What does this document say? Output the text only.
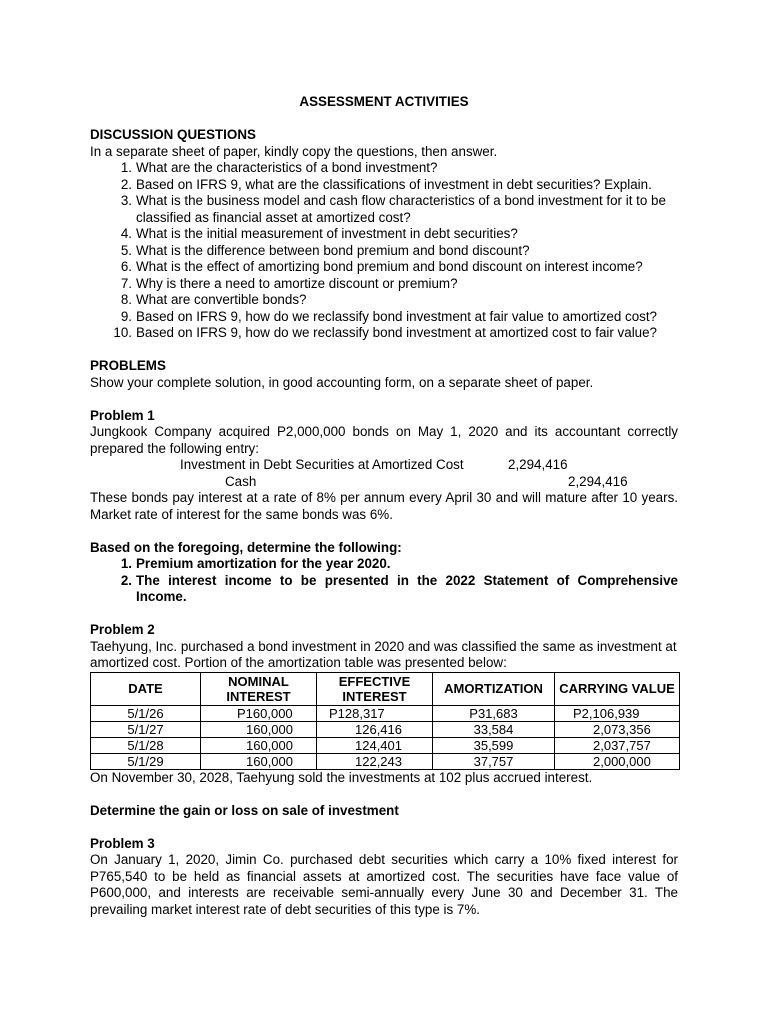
ASSESSMENT ACTIVITIES
DISCUSSION QUESTIONS
In a separate sheet of paper, kindly copy the questions, then answer.
1. What are the characteristics of a bond investment?
2. Based on IFRS 9, what are the classifications of investment in debt securities? Explain.
3. What is the business model and cash flow characteristics of a bond investment for it to be classified as financial asset at amortized cost?
4. What is the initial measurement of investment in debt securities?
5. What is the difference between bond premium and bond discount?
6. What is the effect of amortizing bond premium and bond discount on interest income?
7. Why is there a need to amortize discount or premium?
8. What are convertible bonds?
9. Based on IFRS 9, how do we reclassify bond investment at fair value to amortized cost?
10. Based on IFRS 9, how do we reclassify bond investment at amortized cost to fair value?
PROBLEMS
Show your complete solution, in good accounting form, on a separate sheet of paper.
Problem 1
Jungkook Company acquired P2,000,000 bonds on May 1, 2020 and its accountant correctly prepared the following entry:
Investment in Debt Securities at Amortized Cost	2,294,416
Cash	2,294,416
These bonds pay interest at a rate of 8% per annum every April 30 and will mature after 10 years. Market rate of interest for the same bonds was 6%.
Based on the foregoing, determine the following:
1. Premium amortization for the year 2020.
2. The interest income to be presented in the 2022 Statement of Comprehensive Income.
Problem 2
Taehyung, Inc. purchased a bond investment in 2020 and was classified the same as investment at amortized cost. Portion of the amortization table was presented below:
DATE	NOMINAL INTEREST	EFFECTIVE INTEREST	AMORTIZATION	CARRYING VALUE
5/1/26	P160,000	P128,317	P31,683	P2,106,939
5/1/27	160,000	126,416	33,584	2,073,356
5/1/28	160,000	124,401	35,599	2,037,757
5/1/29	160,000	122,243	37,757	2,000,000
On November 30, 2028, Taehyung sold the investments at 102 plus accrued interest.
Determine the gain or loss on sale of investment
Problem 3
On January 1, 2020, Jimin Co. purchased debt securities which carry a 10% fixed interest for P765,540 to be held as financial assets at amortized cost. The securities have face value of P600,000, and interests are receivable semi-annually every June 30 and December 31. The prevailing market interest rate of debt securities of this type is 7%.
